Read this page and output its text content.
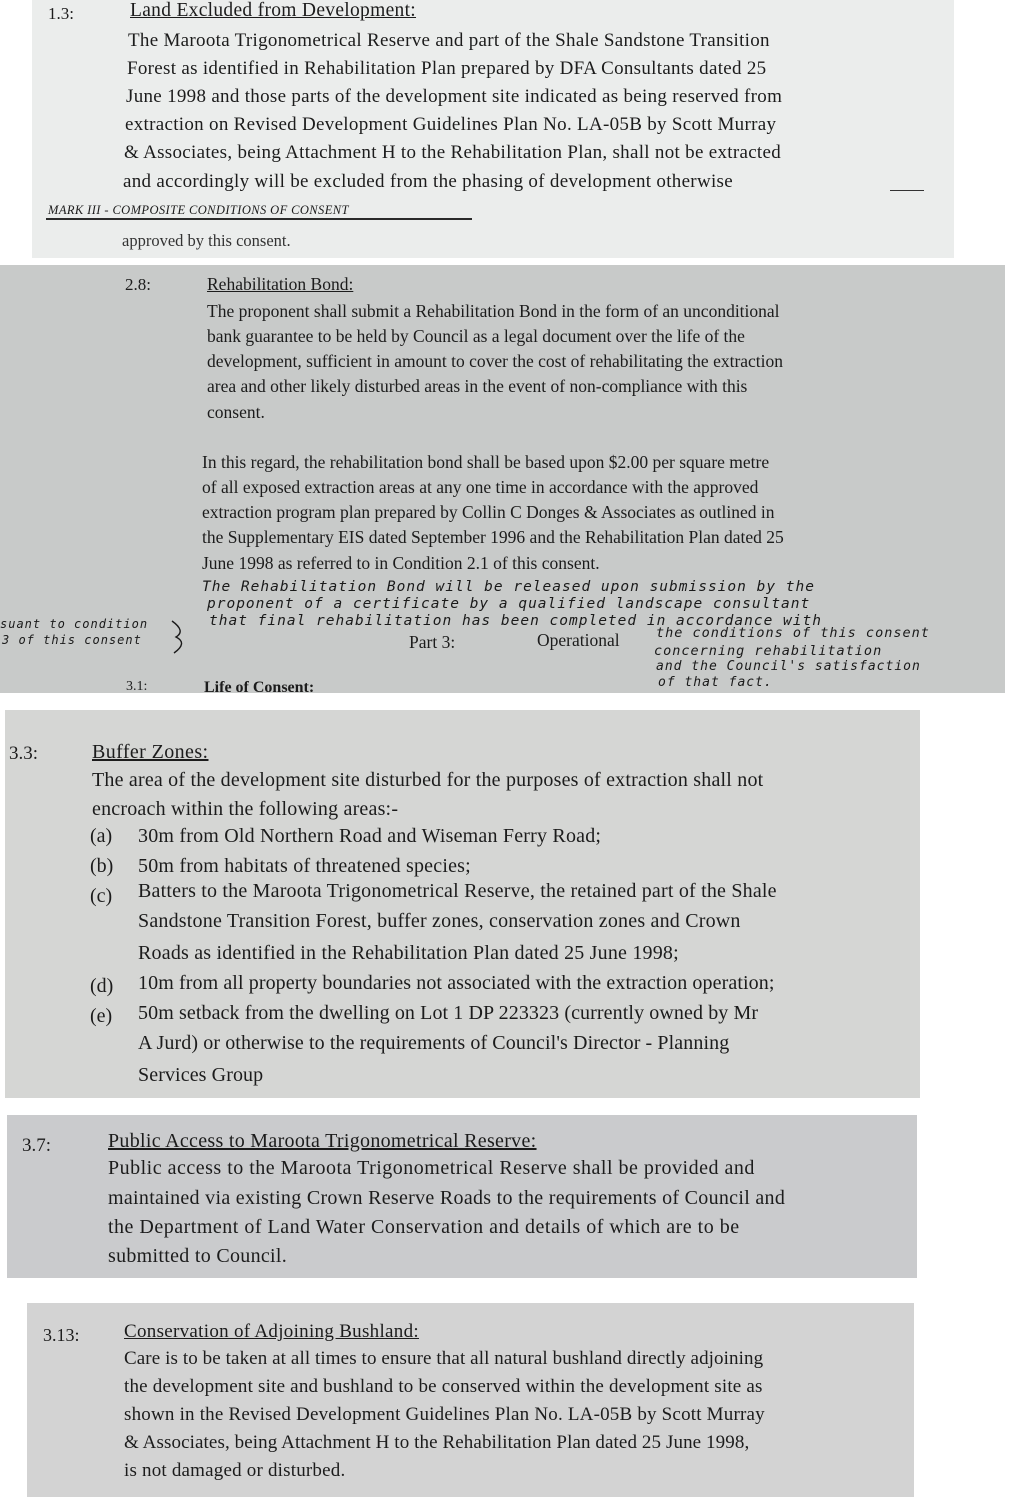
1.3:	Land Excluded from Development:
The Maroota Trigonometrical Reserve and part of the Shale Sandstone Transition
Forest as identified in Rehabilitation Plan prepared by DFA Consultants dated 25
June 1998 and those parts of the development site indicated as being reserved from
extraction on Revised Development Guidelines Plan No. LA-05B by Scott Murray
& Associates, being Attachment H to the Rehabilitation Plan, shall not be extracted
and accordingly will be excluded from the phasing of development otherwise
MARK III - COMPOSITE CONDITIONS OF CONSENT
approved by this consent.
2.8:	Rehabilitation Bond:
The proponent shall submit a Rehabilitation Bond in the form of an unconditional
bank guarantee to be held by Council as a legal document over the life of the
development, sufficient in amount to cover the cost of rehabilitating the extraction
area and other likely disturbed areas in the event of non-compliance with this
consent.
In this regard, the rehabilitation bond shall be based upon $2.00 per square metre
of all exposed extraction areas at any one time in accordance with the approved
extraction program plan prepared by Collin C Donges & Associates as outlined in
the Supplementary EIS dated September 1996 and the Rehabilitation Plan dated 25
June 1998 as referred to in Condition 2.1 of this consent.
The Rehabilitation Bond will be released upon submission by the
proponent of a certificate by a qualified landscape consultant
that final rehabilitation has been completed in accordance with
the conditions of this consent
concerning rehabilitation
and the Council's satisfaction
of that fact.
suant to condition
3 of this consent	Part 3:	Operational
3.1:	Life of Consent:
3.3:	Buffer Zones:
The area of the development site disturbed for the purposes of extraction shall not
encroach within the following areas:-
(a) 30m from Old Northern Road and Wiseman Ferry Road;
(b) 50m from habitats of threatened species;
(c) Batters to the Maroota Trigonometrical Reserve, the retained part of the Shale
Sandstone Transition Forest, buffer zones, conservation zones and Crown
Roads as identified in the Rehabilitation Plan dated 25 June 1998;
(d) 10m from all property boundaries not associated with the extraction operation;
(e) 50m setback from the dwelling on Lot 1 DP 223323 (currently owned by Mr
A Jurd) or otherwise to the requirements of Council's Director - Planning
Services Group
3.7:	Public Access to Maroota Trigonometrical Reserve:
Public access to the Maroota Trigonometrical Reserve shall be provided and
maintained via existing Crown Reserve Roads to the requirements of Council and
the Department of Land Water Conservation and details of which are to be
submitted to Council.
3.13: Conservation of Adjoining Bushland:
Care is to be taken at all times to ensure that all natural bushland directly adjoining
the development site and bushland to be conserved within the development site as
shown in the Revised Development Guidelines Plan No. LA-05B by Scott Murray
& Associates, being Attachment H to the Rehabilitation Plan dated 25 June 1998,
is not damaged or disturbed.
